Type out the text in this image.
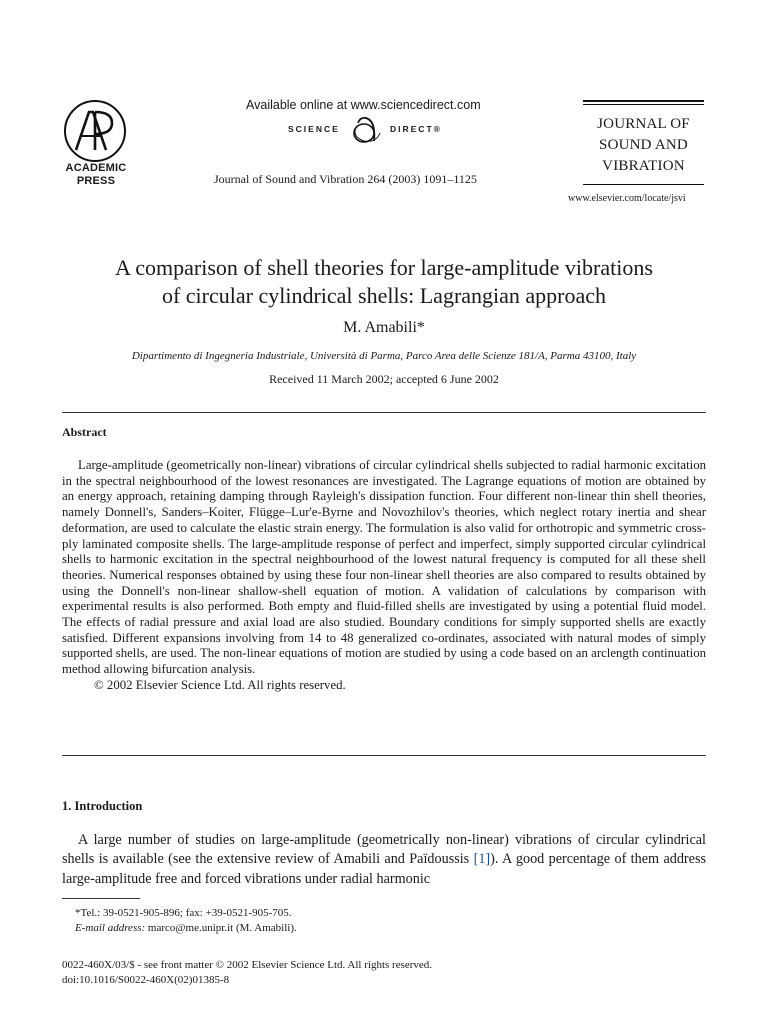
ACADEMIC
PRESS
Available online at www.sciencedirect.com
SCIENCE	DIRECT®
Journal of Sound and Vibration 264 (2003) 1091–1125
JOURNAL OF
SOUND AND
VIBRATION
www.elsevier.com/locate/jsvi
A comparison of shell theories for large-amplitude vibrations
of circular cylindrical shells: Lagrangian approach
M. Amabili*
Dipartimento di Ingegneria Industriale, Università di Parma, Parco Area delle Scienze 181/A, Parma 43100, Italy
Received 11 March 2002; accepted 6 June 2002
Abstract

Large-amplitude (geometrically non-linear) vibrations of circular cylindrical shells subjected to radial harmonic excitation in the spectral neighbourhood of the lowest resonances are investigated. The Lagrange equations of motion are obtained by an energy approach, retaining damping through Rayleigh's dissipation function. Four different non-linear thin shell theories, namely Donnell's, Sanders–Koiter, Flügge–Lur'e-Byrne and Novozhilov's theories, which neglect rotary inertia and shear deformation, are used to calculate the elastic strain energy. The formulation is also valid for orthotropic and symmetric cross-ply laminated composite shells. The large-amplitude response of perfect and imperfect, simply supported circular cylindrical shells to harmonic excitation in the spectral neighbourhood of the lowest natural frequency is computed for all these shell theories. Numerical responses obtained by using these four non-linear shell theories are also compared to results obtained by using the Donnell's non-linear shallow-shell equation of motion. A validation of calculations by comparison with experimental results is also performed. Both empty and fluid-filled shells are investigated by using a potential fluid model. The effects of radial pressure and axial load are also studied. Boundary conditions for simply supported shells are exactly satisfied. Different expansions involving from 14 to 48 generalized co-ordinates, associated with natural modes of simply supported shells, are used. The non-linear equations of motion are studied by using a code based on an arclength continuation method allowing bifurcation analysis.

© 2002 Elsevier Science Ltd. All rights reserved.

1. Introduction

A large number of studies on large-amplitude (geometrically non-linear) vibrations of circular cylindrical shells is available (see the extensive review of Amabili and Païdoussis [1]). A good percentage of them address large-amplitude free and forced vibrations under radial harmonic

*Tel.: 39-0521-905-896; fax: +39-0521-905-705.
E-mail address: marco@me.unipr.it (M. Amabili).
0022-460X/03/$ - see front matter © 2002 Elsevier Science Ltd. All rights reserved.
doi:10.1016/S0022-460X(02)01385-8
